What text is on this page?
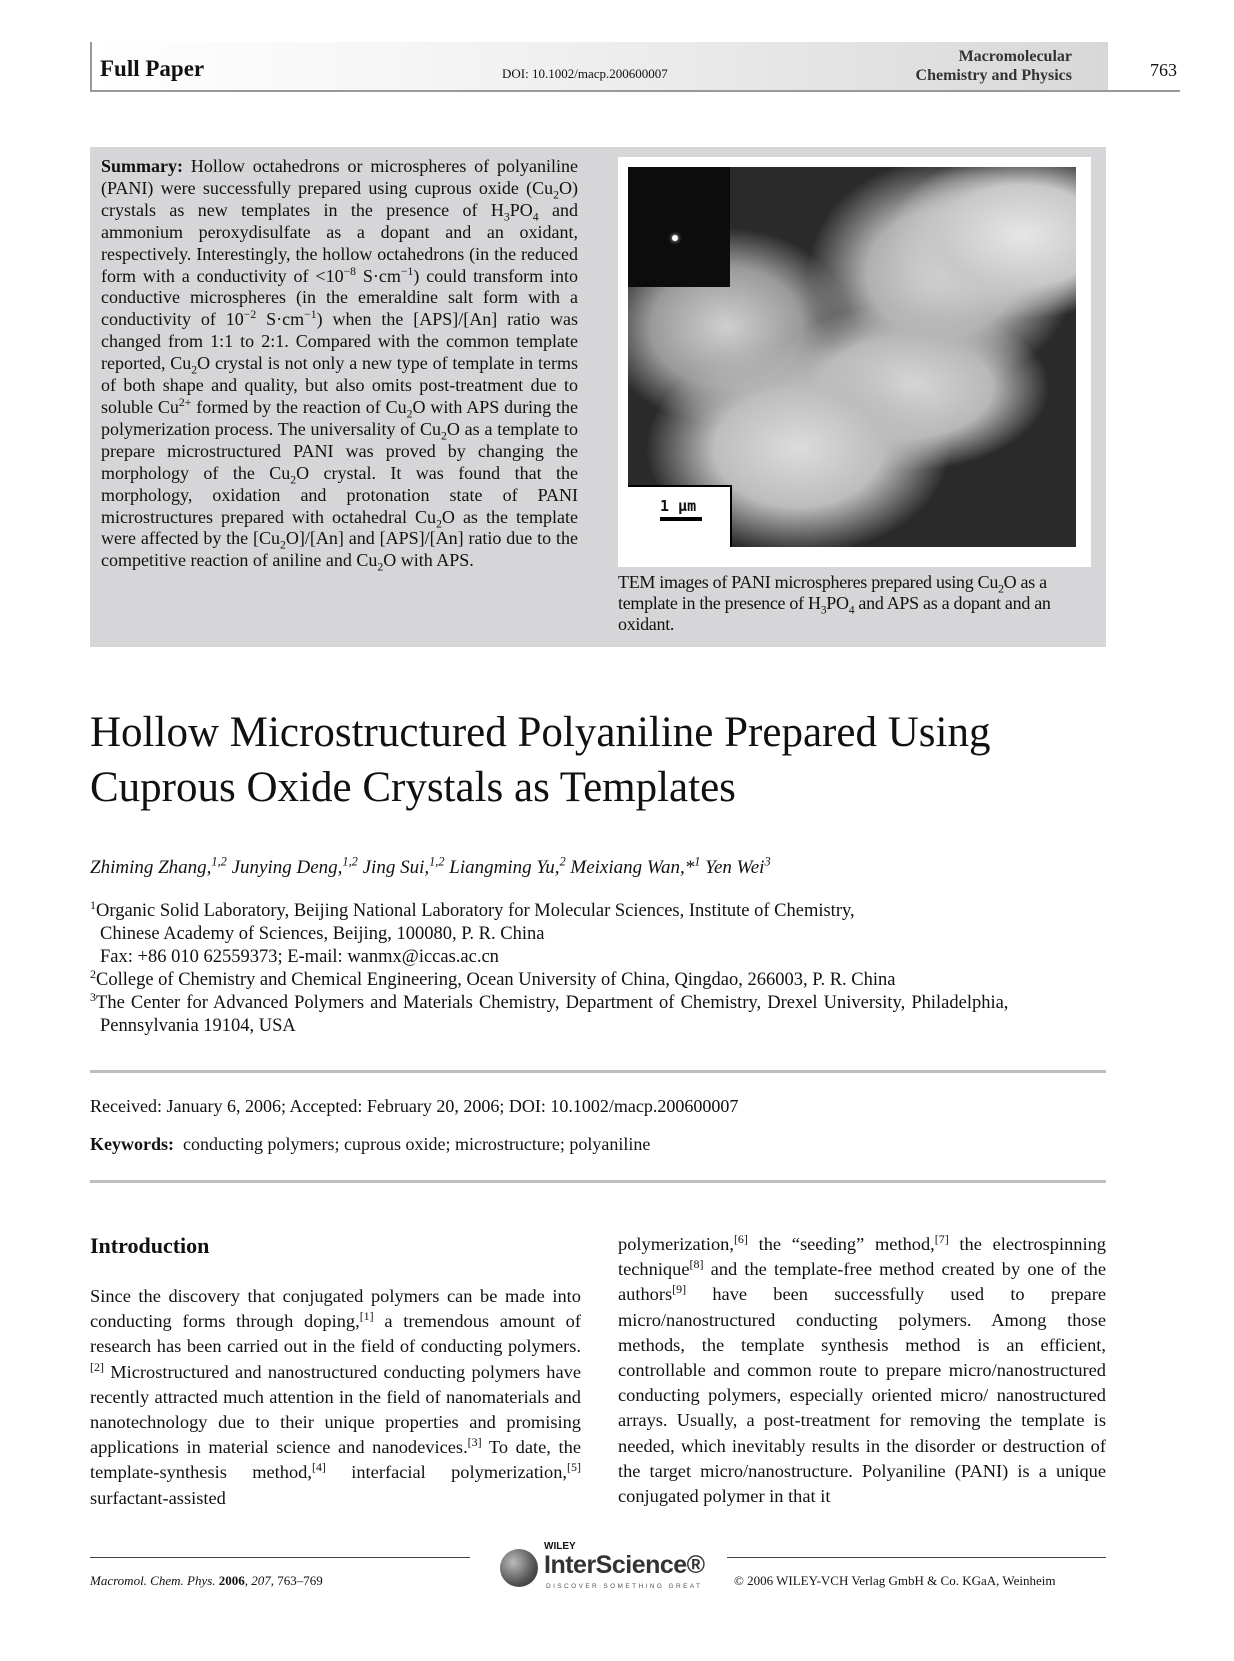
Full Paper	DOI: 10.1002/macp.200600007
Macromolecular
Chemistry and Physics	763
Summary: Hollow octahedrons or microspheres of polyaniline (PANI) were successfully prepared using cuprous oxide $(Cu_2O)$ crystals as new templates in the presence of $H_3PO_4$ and ammonium peroxydisulfate as a dopant and an oxidant, respectively. Interestingly, the hollow octahedrons (in the reduced form with a conductivity of $<10^{-8}$ $S\cdot cm^{-1}$) could transform into conductive microspheres (in the emeraldine salt form with a conductivity of $10^{-2}$ $S\cdot cm^{-1}$) when the [APS]/[An] ratio was changed from 1:1 to 2:1. Compared with the common template reported, $Cu_2O$ crystal is not only a new type of template in terms of both shape and quality, but also omits post-treatment due to soluble $Cu^{2+}$ formed by the reaction of $Cu_2O$ with APS during the polymerization process. The universality of $Cu_2O$ as a template to prepare microstructured PANI was proved by changing the morphology of the $Cu_2O$ crystal. It was found that the morphology, oxidation and protonation state of PANI microstructures prepared with octahedral $Cu_2O$ as the template were affected by the $[Cu_2O]/[An]$ and [APS]/[An] ratio due to the competitive reaction of aniline and $Cu_2O$ with APS.
1 μm
TEM images of PANI microspheres prepared using $Cu_2O$ as a template in the presence of $H_3PO_4$ and APS as a dopant and an oxidant.
Hollow Microstructured Polyaniline Prepared Using
Cuprous Oxide Crystals as Templates
Zhiming Zhang,$^{1,2}$ Junying Deng,$^{1,2}$ Jing Sui,$^{1,2}$ Liangming Yu,$^2$ Meixiang Wan,*$^1$ Yen Wei$^3$
$^1$Organic Solid Laboratory, Beijing National Laboratory for Molecular Sciences, Institute of Chemistry,
Chinese Academy of Sciences, Beijing, 100080, P. R. China
Fax: +86 010 62559373; E-mail: wanmx@iccas.ac.cn
$^2$College of Chemistry and Chemical Engineering, Ocean University of China, Qingdao, 266003, P. R. China
$^3$The Center for Advanced Polymers and Materials Chemistry, Department of Chemistry, Drexel University, Philadelphia,
Pennsylvania 19104, USA
Received: January 6, 2006; Accepted: February 20, 2006; DOI: 10.1002/macp.200600007
Keywords: conducting polymers; cuprous oxide; microstructure; polyaniline
Introduction
Since the discovery that conjugated polymers can be made into conducting forms through doping,[1] a tremendous amount of research has been carried out in the field of conducting polymers.[2] Microstructured and nanostructured conducting polymers have recently attracted much attention in the field of nanomaterials and nanotechnology due to their unique properties and promising applications in material science and nanodevices.[3] To date, the template-synthesis method,[4] interfacial polymerization,[5] surfactant-assisted
polymerization,[6] the “seeding” method,[7] the electrospinning technique[8] and the template-free method created by one of the authors[9] have been successfully used to prepare micro/nanostructured conducting polymers. Among those methods, the template synthesis method is an efficient, controllable and common route to prepare micro/nanostructured conducting polymers, especially oriented micro/ nanostructured arrays. Usually, a post-treatment for removing the template is needed, which inevitably results in the disorder or destruction of the target micro/nanostructure. Polyaniline (PANI) is a unique conjugated polymer in that it
Macromol. Chem. Phys. 2006, 207, 763–769
WILEY
InterScience®
DISCOVER SOMETHING GREAT © 2006 WILEY-VCH Verlag GmbH & Co. KGaA, Weinheim
